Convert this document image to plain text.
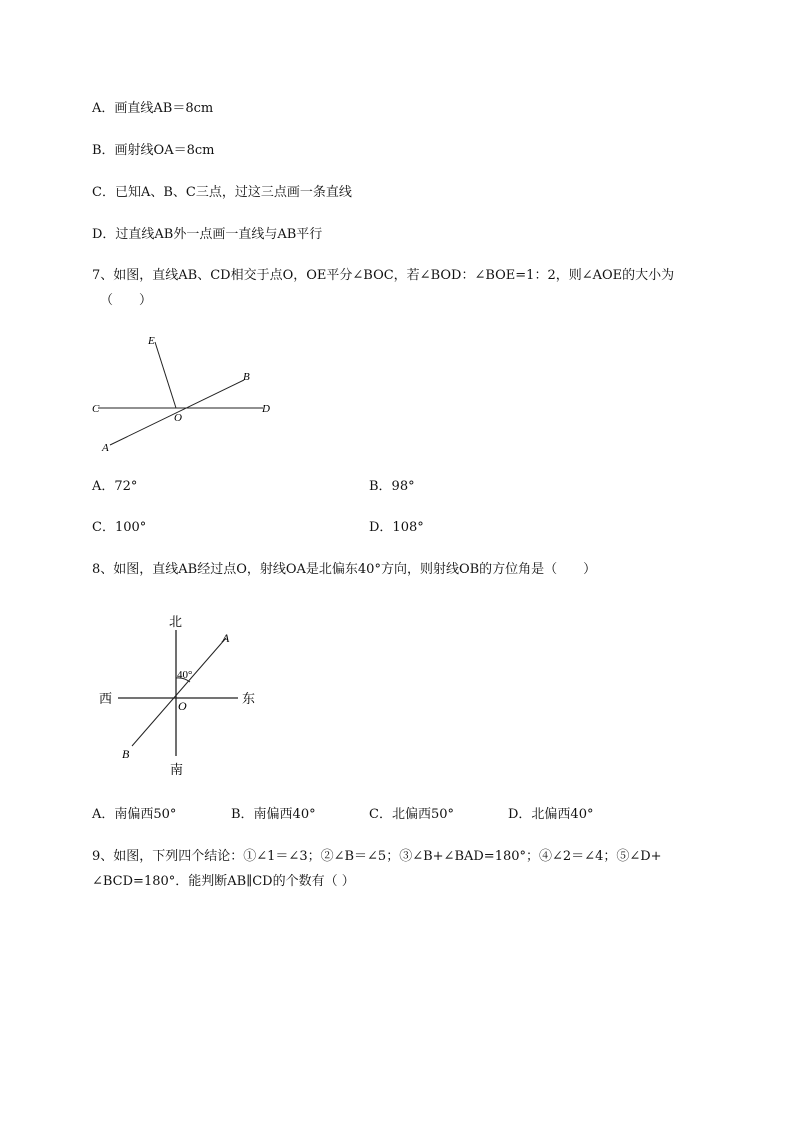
A．画直线AB＝8cm
B．画射线OA＝8cm
C．已知A、B、C三点，过这三点画一条直线
D．过直线AB外一点画一直线与AB平行
7、如图，直线AB、CD相交于点O，OE平分∠BOC，若∠BOD：∠BOE=1：2，则∠AOE的大小为
（　　）
E
B
C
O
D
A
A．72°	B．98°
C．100°	D．108°
8、如图，直线AB经过点O，射线OA是北偏东40°方向，则射线OB的方位角是（　　）
北
南
西	东
A
B
O
40°
A．南偏西50°	B．南偏西40°	C．北偏西50°	D．北偏西40°
9、如图，下列四个结论：①∠1＝∠3；②∠B＝∠5；③∠B+∠BAD=180°；④∠2＝∠4；⑤∠D+
∠BCD=180°．能判断AB∥CD的个数有（ ）
